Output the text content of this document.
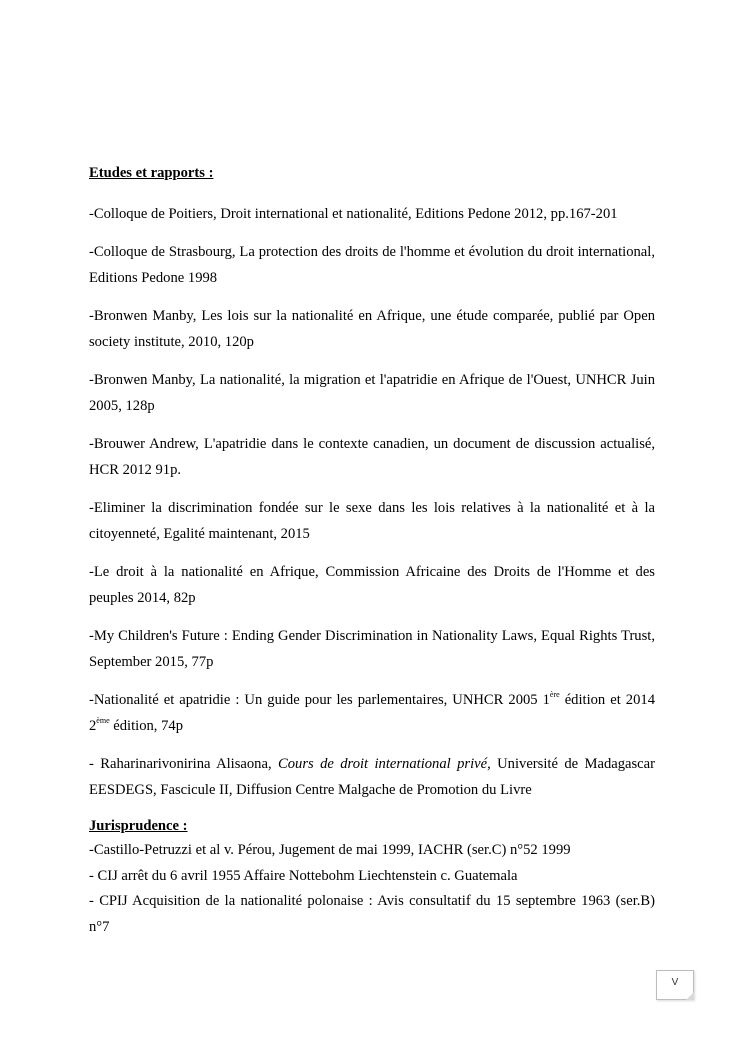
Etudes et rapports :

-Colloque de Poitiers, Droit international et nationalité, Editions Pedone 2012, pp.167-201

-Colloque de Strasbourg, La protection des droits de l'homme et évolution du droit international, Editions Pedone 1998

-Bronwen Manby, Les lois sur la nationalité en Afrique, une étude comparée, publié par Open society institute, 2010, 120p

-Bronwen Manby, La nationalité, la migration et l'apatridie en Afrique de l'Ouest, UNHCR Juin 2005, 128p

-Brouwer Andrew, L'apatridie dans le contexte canadien, un document de discussion actualisé, HCR 2012 91p.

-Eliminer la discrimination fondée sur le sexe dans les lois relatives à la nationalité et à la citoyenneté, Egalité maintenant, 2015

-Le droit à la nationalité en Afrique, Commission Africaine des Droits de l'Homme et des peuples 2014, 82p

-My Children's Future : Ending Gender Discrimination in Nationality Laws, Equal Rights Trust, September 2015, 77p

-Nationalité et apatridie : Un guide pour les parlementaires, UNHCR 2005 1ère édition et 2014 2ème édition, 74p

- Raharinarivonirina Alisaona, Cours de droit international privé, Université de Madagascar EESDEGS, Fascicule II, Diffusion Centre Malgache de Promotion du Livre

Jurisprudence :

-Castillo-Petruzzi et al v. Pérou, Jugement de mai 1999, IACHR (ser.C) n°52 1999

- CIJ arrêt du 6 avril 1955 Affaire Nottebohm Liechtenstein c. Guatemala

- CPIJ Acquisition de la nationalité polonaise : Avis consultatif du 15 septembre 1963 (ser.B) n°7

V
